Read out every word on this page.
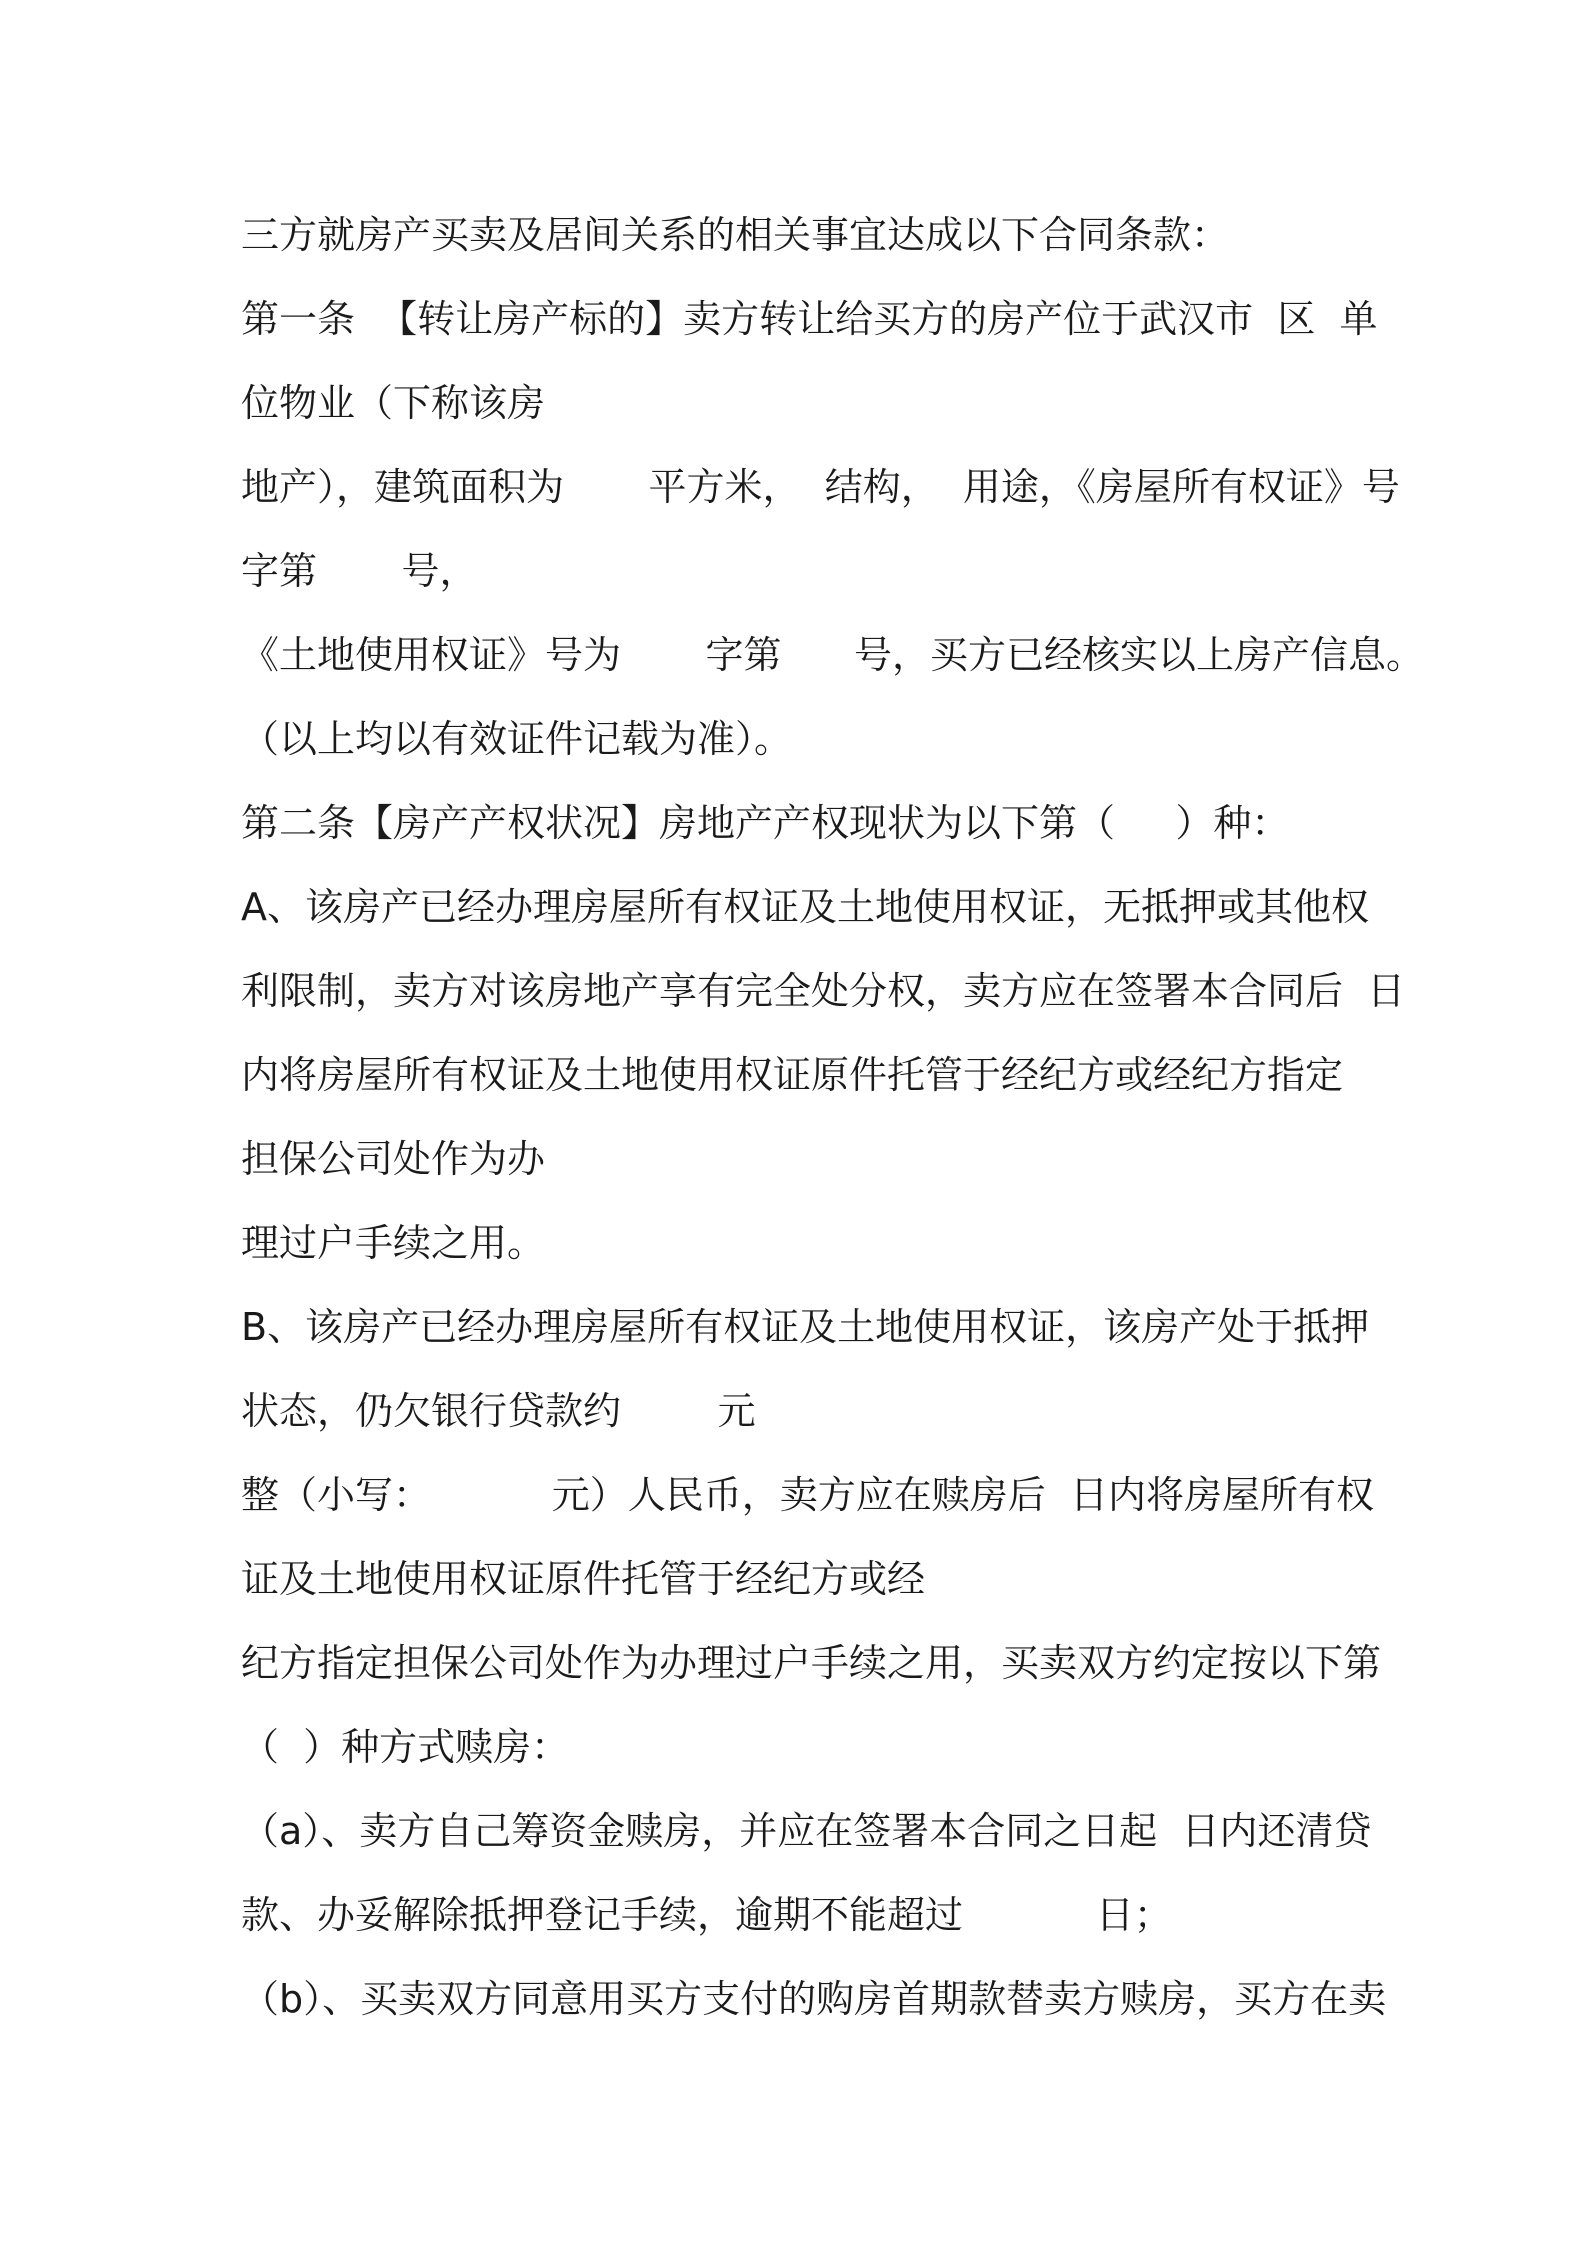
三方就房产买卖及居间关系的相关事宜达成以下合同条款：
第一条  【转让房产标的】卖方转让给买方的房产位于武汉市  区  单
位物业（下称该房
地产），建筑面积为       平方米，  结构，  用途，《房屋所有权证》号
字第       号，
《土地使用权证》号为       字第      号，买方已经核实以上房产信息。
（以上均以有效证件记载为准）。
第二条【房产产权状况】房地产产权现状为以下第（     ）种：
A、该房产已经办理房屋所有权证及土地使用权证，无抵押或其他权
利限制，卖方对该房地产享有完全处分权，卖方应在签署本合同后  日
内将房屋所有权证及土地使用权证原件托管于经纪方或经纪方指定
担保公司处作为办
理过户手续之用。
B、该房产已经办理房屋所有权证及土地使用权证，该房产处于抵押
状态，仍欠银行贷款约        元
整（小写：          元）人民币，卖方应在赎房后  日内将房屋所有权
证及土地使用权证原件托管于经纪方或经
纪方指定担保公司处作为办理过户手续之用，买卖双方约定按以下第
（  ）种方式赎房：
（a）、卖方自己筹资金赎房，并应在签署本合同之日起  日内还清贷
款、办妥解除抵押登记手续，逾期不能超过           日；
（b）、买卖双方同意用买方支付的购房首期款替卖方赎房，买方在卖
